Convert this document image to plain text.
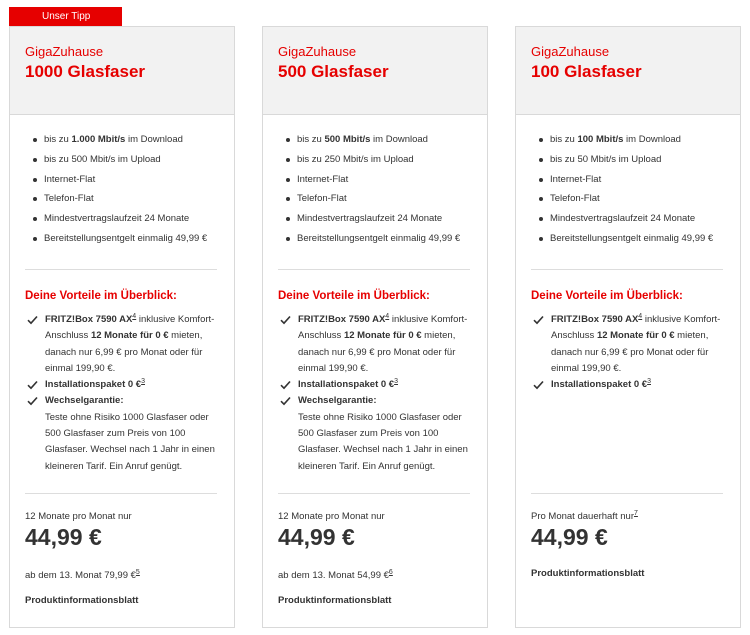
Unser Tipp
GigaZuhause
1000 Glasfaser
bis zu 1.000 Mbit/s im Download
bis zu 500 Mbit/s im Upload
Internet-Flat
Telefon-Flat
Mindestvertragslaufzeit 24 Monate
Bereitstellungsentgelt einmalig 49,99 €
Deine Vorteile im Überblick:
FRITZ!Box 7590 $AX^4$ inklusive Komfort-Anschluss 12 Monate für 0 € mieten, danach nur 6,99 € pro Monat oder für einmal 199,90 €.
Installationspaket 0 €$^3$
Wechselgarantie:
Teste ohne Risiko 1000 Glasfaser oder 500 Glasfaser zum Preis von 100 Glasfaser. Wechsel nach 1 Jahr in einen kleineren Tarif. Ein Anruf genügt.
12 Monate pro Monat nur
44,99 €
ab dem 13. Monat 79,99 €$^5$
Produktinformationsblatt
GigaZuhause
500 Glasfaser
bis zu 500 Mbit/s im Download
bis zu 250 Mbit/s im Upload
Internet-Flat
Telefon-Flat
Mindestvertragslaufzeit 24 Monate
Bereitstellungsentgelt einmalig 49,99 €
Deine Vorteile im Überblick:
FRITZ!Box 7590 $AX^4$ inklusive Komfort-Anschluss 12 Monate für 0 € mieten, danach nur 6,99 € pro Monat oder für einmal 199,90 €.
Installationspaket 0 €$^3$
Wechselgarantie:
Teste ohne Risiko 1000 Glasfaser oder 500 Glasfaser zum Preis von 100 Glasfaser. Wechsel nach 1 Jahr in einen kleineren Tarif. Ein Anruf genügt.
12 Monate pro Monat nur
44,99 €
ab dem 13. Monat 54,99 €$^6$
Produktinformationsblatt
GigaZuhause
100 Glasfaser
bis zu 100 Mbit/s im Download
bis zu 50 Mbit/s im Upload
Internet-Flat
Telefon-Flat
Mindestvertragslaufzeit 24 Monate
Bereitstellungsentgelt einmalig 49,99 €
Deine Vorteile im Überblick:
FRITZ!Box 7590 $AX^4$ inklusive Komfort-Anschluss 12 Monate für 0 € mieten, danach nur 6,99 € pro Monat oder für einmal 199,90 €.
Installationspaket 0 €$^3$
Pro Monat dauerhaft nur$^7$
44,99 €
Produktinformationsblatt
